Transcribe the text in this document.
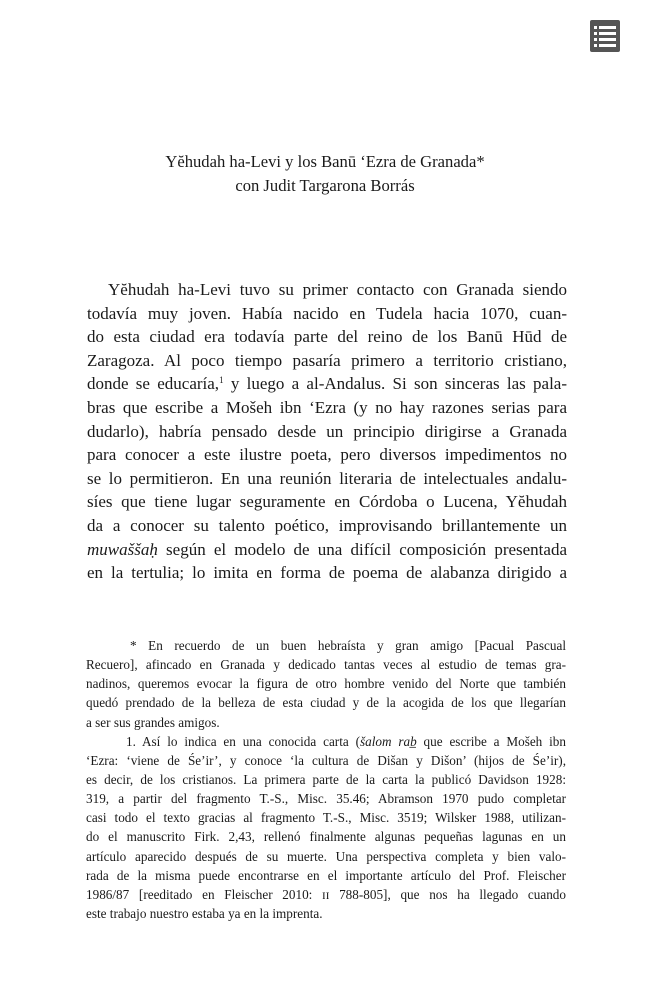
Yĕhudah ha-Levi y los Banū ‘Ezra de Granada*
con Judit Targarona Borrás
Yĕhudah ha-Levi tuvo su primer contacto con Granada siendo
todavía muy joven. Había nacido en Tudela hacia 1070, cuan-
do esta ciudad era todavía parte del reino de los Banū Hūd de
Zaragoza. Al poco tiempo pasaría primero a territorio cristiano,
donde se educaría,$^1$ y luego a al-Andalus. Si son sinceras las pala-
bras que escribe a Mošeh ibn ‘Ezra (y no hay razones serias para
dudarlo), habría pensado desde un principio dirigirse a Granada
para conocer a este ilustre poeta, pero diversos impedimentos no
se lo permitieron. En una reunión literaria de intelectuales andalu-
síes que tiene lugar seguramente en Córdoba o Lucena, Yĕhudah
da a conocer su talento poético, improvisando brillantemente un
muwaššaḥ según el modelo de una difícil composición presentada
en la tertulia; lo imita en forma de poema de alabanza dirigido a
* En recuerdo de un buen hebraísta y gran amigo [Pacual Pascual
Recuero], afincado en Granada y dedicado tantas veces al estudio de temas gra-
nadinos, queremos evocar la figura de otro hombre venido del Norte que también
quedó prendado de la belleza de esta ciudad y de la acogida de los que llegarían
a ser sus grandes amigos.
1. Así lo indica en una conocida carta (šalom rab̲ que escribe a Mošeh ibn
‘Ezra: ‘viene de Śe’ir’, y conoce ‘la cultura de Dišan y Dišon’ (hijos de Śe’ir),
es decir, de los cristianos. La primera parte de la carta la publicó Davidson 1928:
319, a partir del fragmento T.-S., Misc. 35.46; Abramson 1970 pudo completar
casi todo el texto gracias al fragmento T.-S., Misc. 3519; Wilsker 1988, utilizan-
do el manuscrito Firk. 2,43, rellenó finalmente algunas pequeñas lagunas en un
artículo aparecido después de su muerte. Una perspectiva completa y bien valo-
rada de la misma puede encontrarse en el importante artículo del Prof. Fleischer
1986/87 [reeditado en Fleischer 2010: ɪɪ 788-805], que nos ha llegado cuando
este trabajo nuestro estaba ya en la imprenta.
